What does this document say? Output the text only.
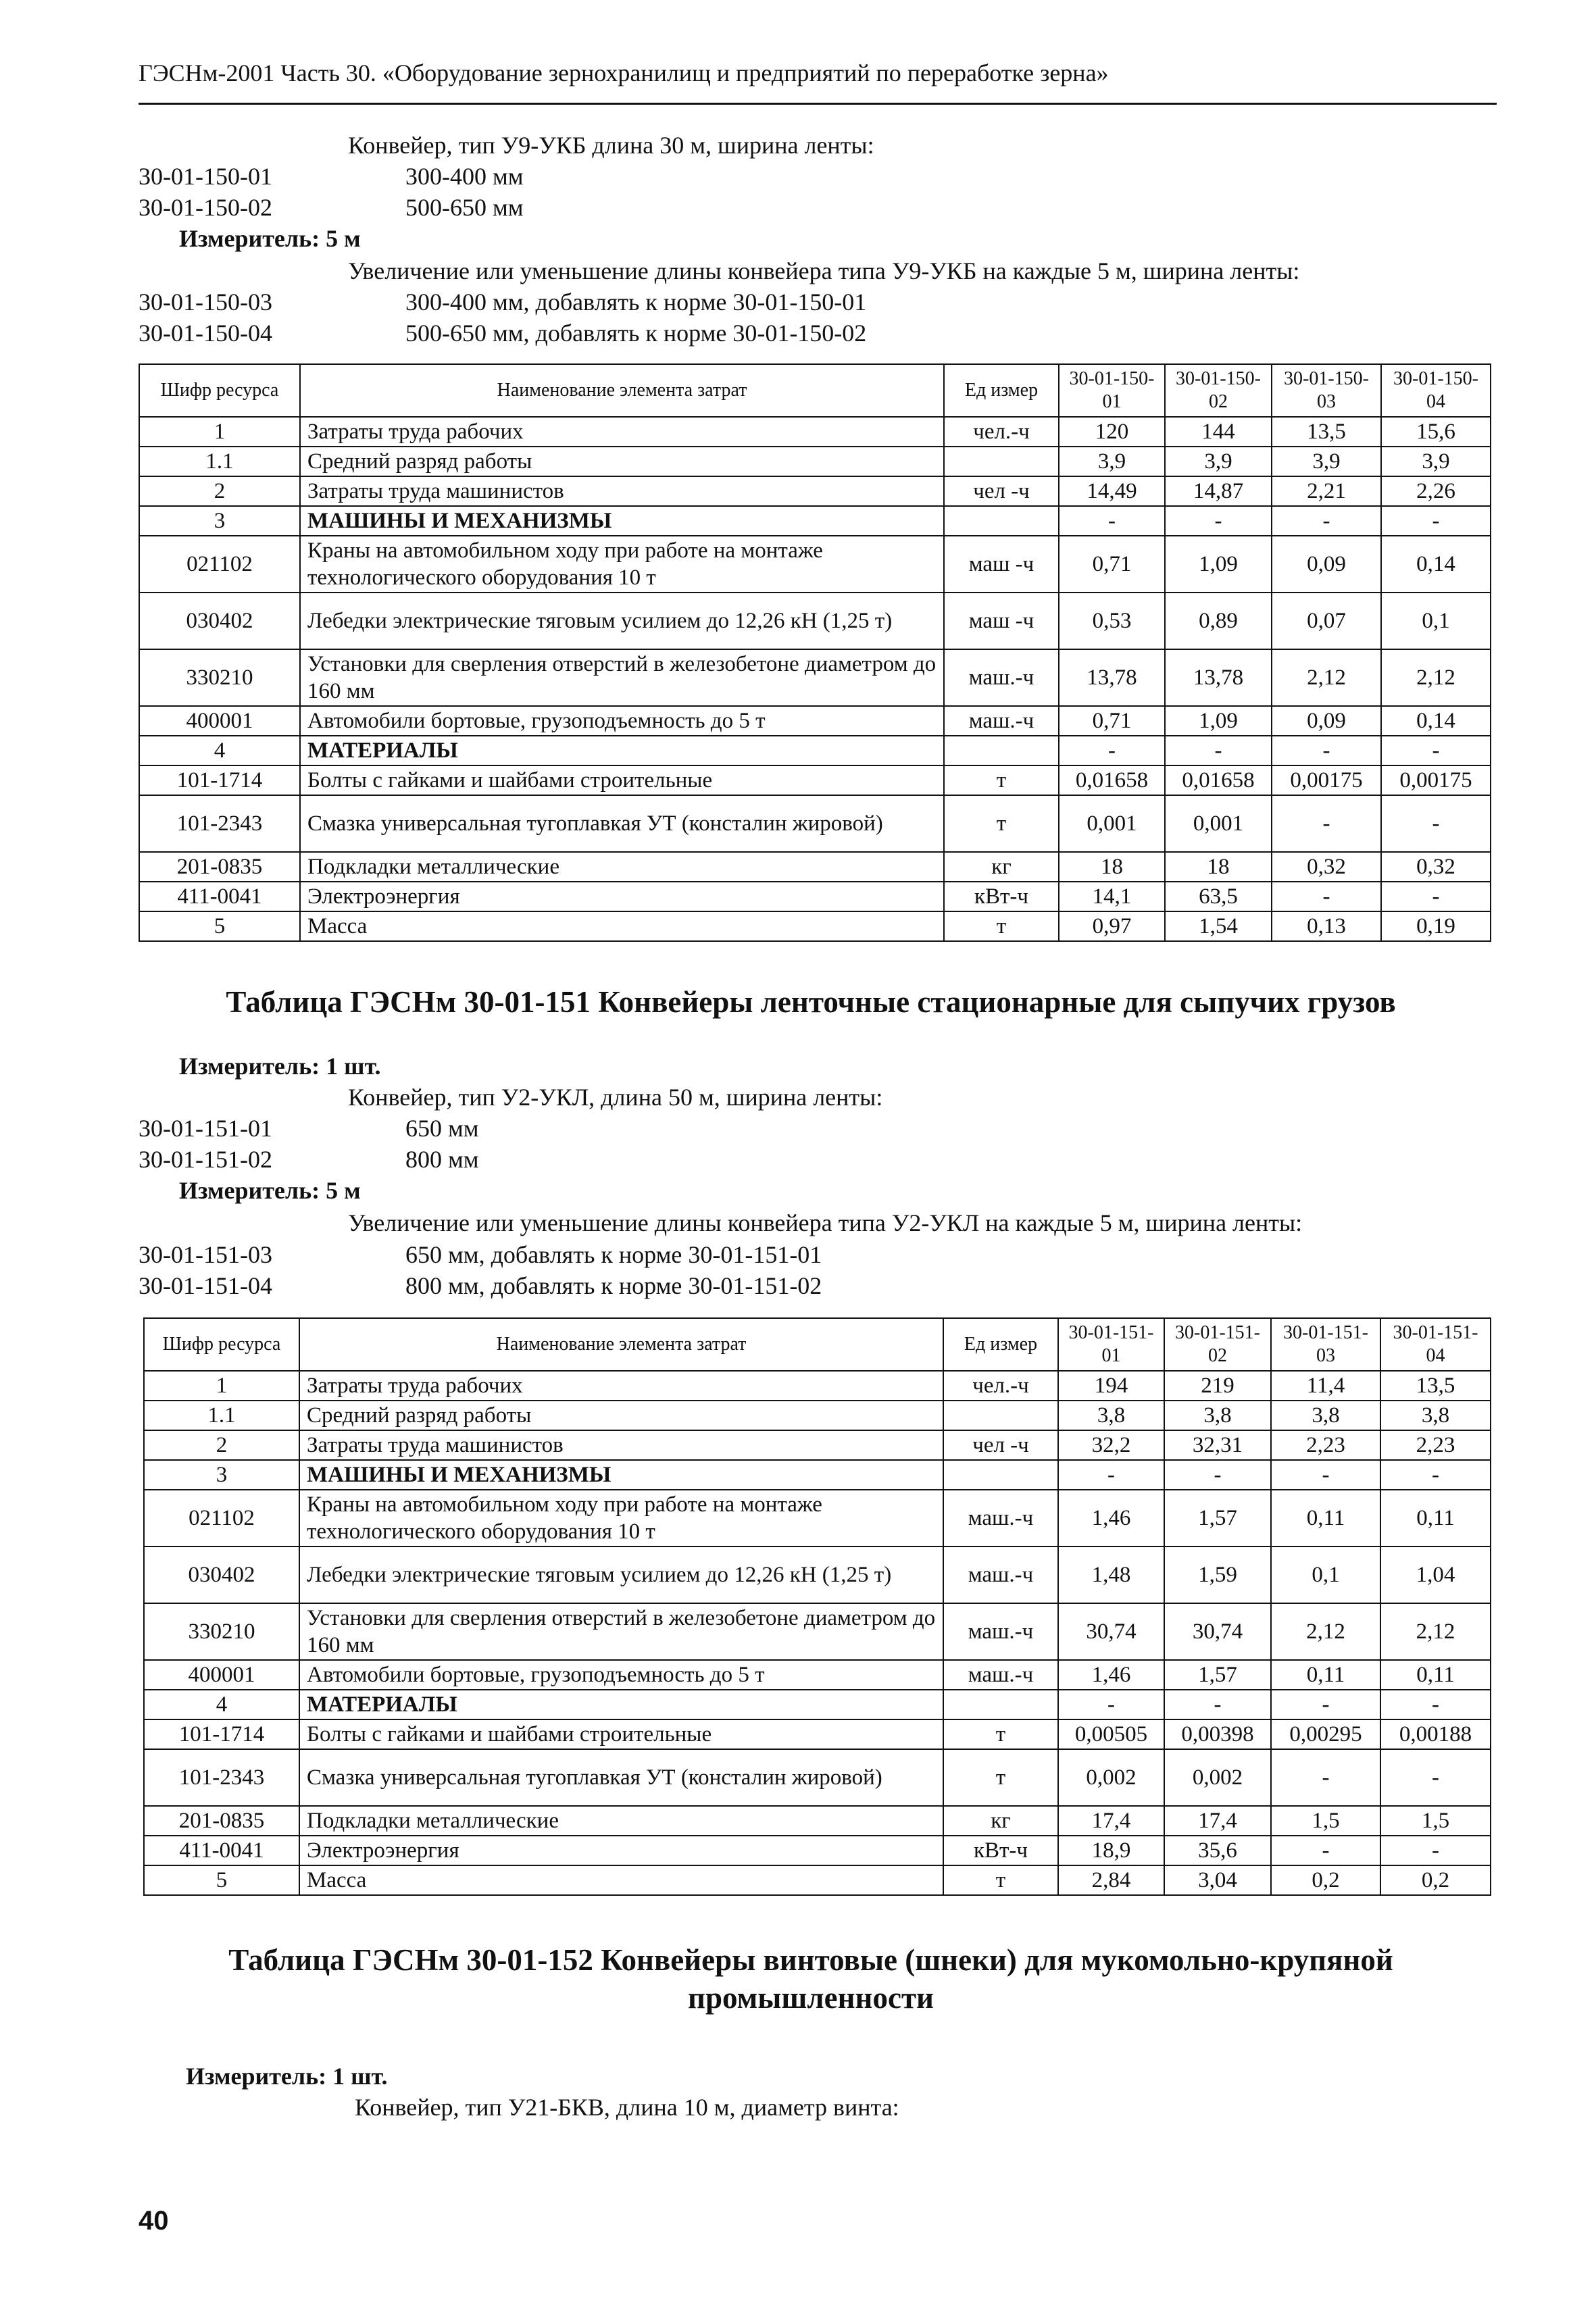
ГЭСНм-2001 Часть 30. «Оборудование зернохранилищ и предприятий по переработке зерна»
Конвейер, тип У9-УКБ длина 30 м, ширина ленты:
30-01-150-01	300-400 мм
30-01-150-02	500-650 мм
Измеритель: 5 м
Увеличение или уменьшение длины конвейера типа У9-УКБ на каждые 5 м, ширина ленты:
30-01-150-03	300-400 мм, добавлять к норме 30-01-150-01
30-01-150-04	500-650 мм, добавлять к норме 30-01-150-02
Шифр ресурса	Наименование элемента затрат	Ед измер	30-01-150-01	30-01-150-02	30-01-150-03	30-01-150-04
1	Затраты труда рабочих	чел.-ч	120	144	13,5	15,6
1.1	Средний разряд работы		3,9	3,9	3,9	3,9
2	Затраты труда машинистов	чел -ч	14,49	14,87	2,21	2,26
3	МАШИНЫ И МЕХАНИЗМЫ		-	-	-	-
021102	Краны на автомобильном ходу при работе на монтаже технологического оборудования 10 т	маш -ч	0,71	1,09	0,09	0,14
030402	Лебедки электрические тяговым усилием до 12,26 кН (1,25 т)	маш -ч	0,53	0,89	0,07	0,1
330210	Установки для сверления отверстий в железобетоне диаметром до 160 мм	маш.-ч	13,78	13,78	2,12	2,12
400001	Автомобили бортовые, грузоподъемность до 5 т	маш.-ч	0,71	1,09	0,09	0,14
4	МАТЕРИАЛЫ		-	-	-	-
101-1714	Болты с гайками и шайбами строительные	т	0,01658	0,01658	0,00175	0,00175
101-2343	Смазка универсальная тугоплавкая УТ (консталин жировой)	т	0,001	0,001	-	-
201-0835	Подкладки металлические	кг	18	18	0,32	0,32
411-0041	Электроэнергия	кВт-ч	14,1	63,5	-	-
5	Масса	т	0,97	1,54	0,13	0,19
Таблица ГЭСНм 30-01-151 Конвейеры ленточные стационарные для сыпучих грузов
Измеритель: 1 шт.
Конвейер, тип У2-УКЛ, длина 50 м, ширина ленты:
30-01-151-01	650 мм
30-01-151-02	800 мм
Измеритель: 5 м
Увеличение или уменьшение длины конвейера типа У2-УКЛ на каждые 5 м, ширина ленты:
30-01-151-03	650 мм, добавлять к норме 30-01-151-01
30-01-151-04	800 мм, добавлять к норме 30-01-151-02
Шифр ресурса	Наименование элемента затрат	Ед измер	30-01-151-01	30-01-151-02	30-01-151-03	30-01-151-04
1	Затраты труда рабочих	чел.-ч	194	219	11,4	13,5
1.1	Средний разряд работы		3,8	3,8	3,8	3,8
2	Затраты труда машинистов	чел -ч	32,2	32,31	2,23	2,23
3	МАШИНЫ И МЕХАНИЗМЫ		-	-	-	-
021102	Краны на автомобильном ходу при работе на монтаже технологического оборудования 10 т	маш.-ч	1,46	1,57	0,11	0,11
030402	Лебедки электрические тяговым усилием до 12,26 кН (1,25 т)	маш.-ч	1,48	1,59	0,1	1,04
330210	Установки для сверления отверстий в железобетоне диаметром до 160 мм	маш.-ч	30,74	30,74	2,12	2,12
400001	Автомобили бортовые, грузоподъемность до 5 т	маш.-ч	1,46	1,57	0,11	0,11
4	МАТЕРИАЛЫ		-	-	-	-
101-1714	Болты с гайками и шайбами строительные	т	0,00505	0,00398	0,00295	0,00188
101-2343	Смазка универсальная тугоплавкая УТ (консталин жировой)	т	0,002	0,002	-	-
201-0835	Подкладки металлические	кг	17,4	17,4	1,5	1,5
411-0041	Электроэнергия	кВт-ч	18,9	35,6	-	-
5	Масса	т	2,84	3,04	0,2	0,2
Таблица ГЭСНм 30-01-152 Конвейеры винтовые (шнеки) для мукомольно-крупяной промышленности
Измеритель: 1 шт.
Конвейер, тип У21-БКВ, длина 10 м, диаметр винта:
40
